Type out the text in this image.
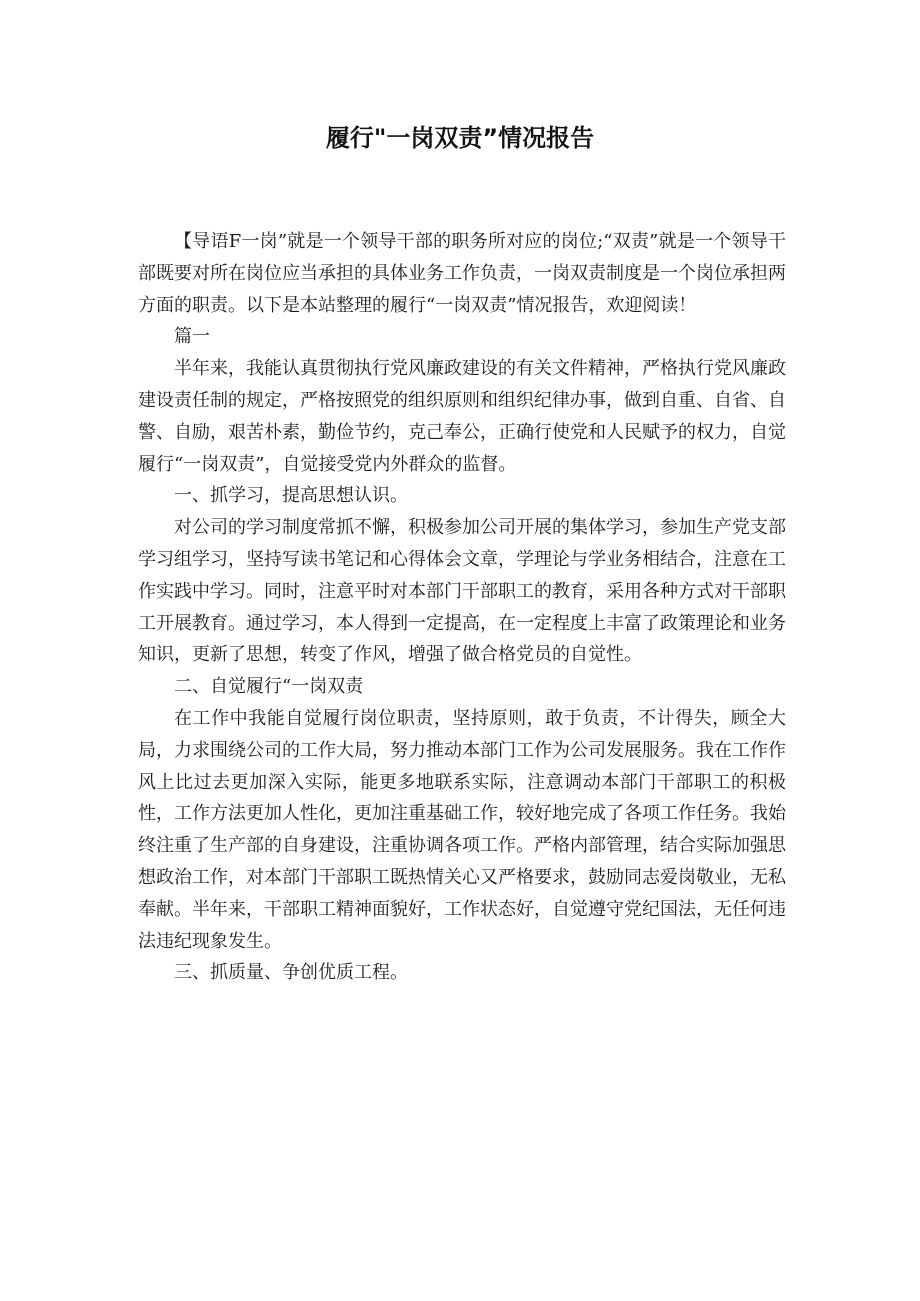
履行"一岗双责”情况报告

【导语F一岗”就是一个领导干部的职务所对应的岗位;“双责”就是一个领导干部既要对所在岗位应当承担的具体业务工作负责，一岗双责制度是一个岗位承担两方面的职责。以下是本站整理的履行“一岗双责”情况报告，欢迎阅读！

篇一

半年来，我能认真贯彻执行党风廉政建设的有关文件精神，严格执行党风廉政建设责任制的规定，严格按照党的组织原则和组织纪律办事，做到自重、自省、自警、自励，艰苦朴素，勤俭节约，克己奉公，正确行使党和人民赋予的权力，自觉履行“一岗双责”，自觉接受党内外群众的监督。

一、抓学习，提高思想认识。

对公司的学习制度常抓不懈，积极参加公司开展的集体学习，参加生产党支部学习组学习，坚持写读书笔记和心得体会文章，学理论与学业务相结合，注意在工作实践中学习。同时，注意平时对本部门干部职工的教育，采用各种方式对干部职工开展教育。通过学习，本人得到一定提高，在一定程度上丰富了政策理论和业务知识，更新了思想，转变了作风，增强了做合格党员的自觉性。

二、自觉履行“一岗双责

在工作中我能自觉履行岗位职责，坚持原则，敢于负责，不计得失，顾全大局，力求围绕公司的工作大局，努力推动本部门工作为公司发展服务。我在工作作风上比过去更加深入实际，能更多地联系实际，注意调动本部门干部职工的积极性，工作方法更加人性化，更加注重基础工作，较好地完成了各项工作任务。我始终注重了生产部的自身建设，注重协调各项工作。严格内部管理，结合实际加强思想政治工作，对本部门干部职工既热情关心又严格要求，鼓励同志爱岗敬业，无私奉献。半年来，干部职工精神面貌好，工作状态好，自觉遵守党纪国法，无任何违法违纪现象发生。

三、抓质量、争创优质工程。
